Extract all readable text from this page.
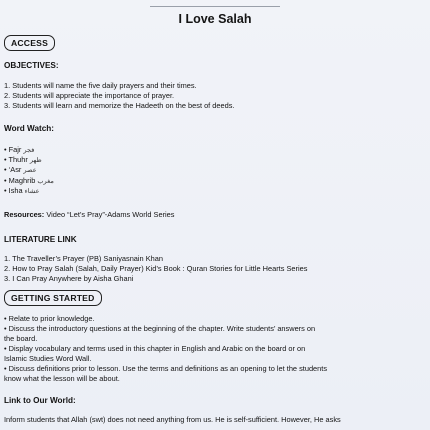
I Love Salah
ACCESS
OBJECTIVES:
1. Students will name the five daily prayers and their times.
2. Students will appreciate the importance of prayer.
3. Students will learn and memorize the Hadeeth on the best of deeds.
Word Watch:
• Fajr فجر
• Thuhr ظهر
• ‘Asr عصر
• Maghrib مغرب
• Isha عشاء
Resources: Video “Let’s Pray”-Adams World Series
LITERATURE LINK
1. The Traveller’s Prayer (PB) Saniyasnain Khan
2. How to Pray Salah (Salah, Daily Prayer) Kid’s Book : Quran Stories for Little Hearts Series
3. I Can Pray Anywhere by Aisha Ghani
GETTING STARTED
• Relate to prior knowledge.
• Discuss the introductory questions at the beginning of the chapter. Write students’ answers on
the board.
• Display vocabulary and terms used in this chapter in English and Arabic on the board or on
Islamic Studies Word Wall.
• Discuss definitions prior to lesson. Use the terms and definitions as an opening to let the students
know what the lesson will be about.
Link to Our World:
Inform students that Allah (swt) does not need anything from us. He is self-sufficient. However, He asks
